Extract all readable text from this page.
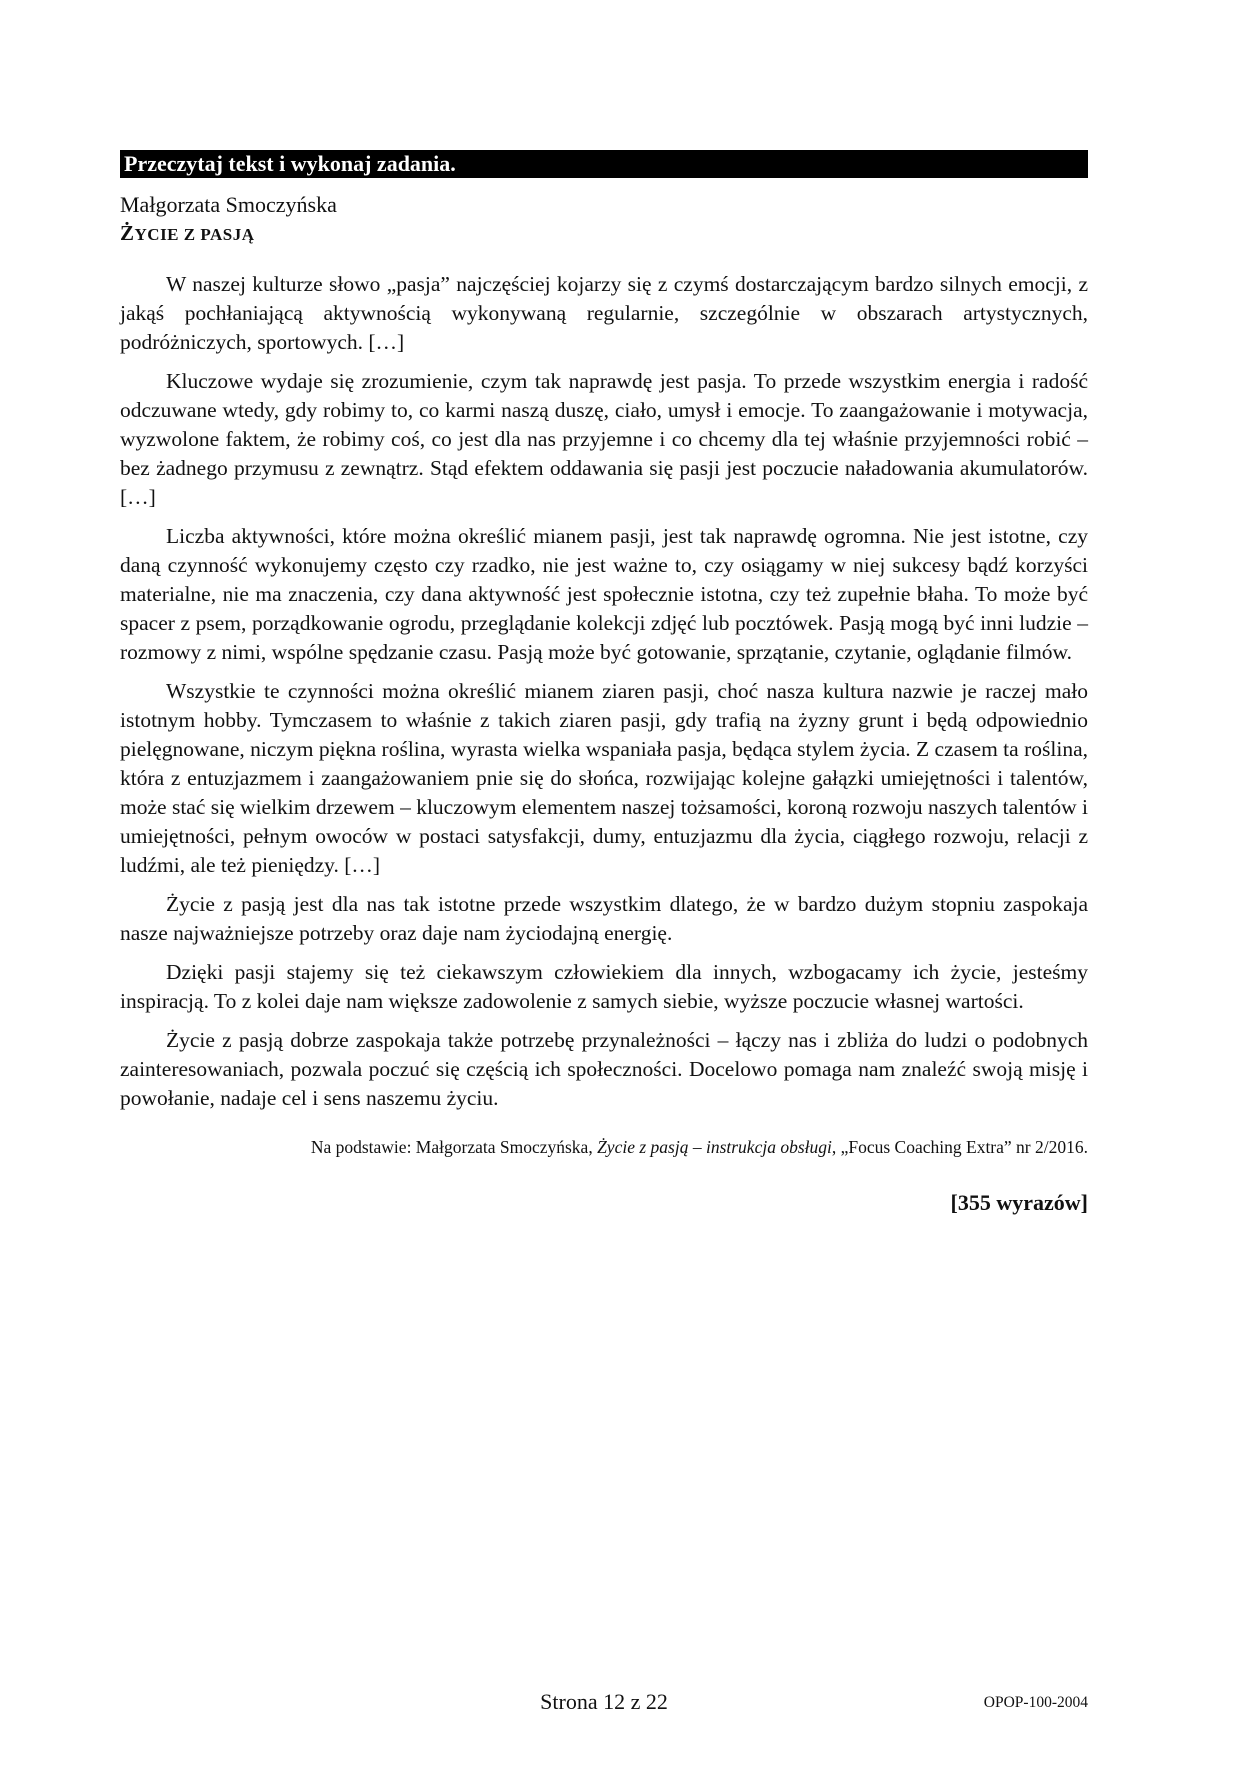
Przeczytaj tekst i wykonaj zadania.
Małgorzata Smoczyńska
ŻYCIE Z PASJĄ

W naszej kulturze słowo „pasja” najczęściej kojarzy się z czymś dostarczającym bardzo silnych emocji, z jakąś pochłaniającą aktywnością wykonywaną regularnie, szczególnie w obszarach artystycznych, podróżniczych, sportowych. […]

Kluczowe wydaje się zrozumienie, czym tak naprawdę jest pasja. To przede wszystkim energia i radość odczuwane wtedy, gdy robimy to, co karmi naszą duszę, ciało, umysł i emocje. To zaangażowanie i motywacja, wyzwolone faktem, że robimy coś, co jest dla nas przyjemne i co chcemy dla tej właśnie przyjemności robić – bez żadnego przymusu z zewnątrz. Stąd efektem oddawania się pasji jest poczucie naładowania akumulatorów. […]

Liczba aktywności, które można określić mianem pasji, jest tak naprawdę ogromna. Nie jest istotne, czy daną czynność wykonujemy często czy rzadko, nie jest ważne to, czy osiągamy w niej sukcesy bądź korzyści materialne, nie ma znaczenia, czy dana aktywność jest społecznie istotna, czy też zupełnie błaha. To może być spacer z psem, porządkowanie ogrodu, przeglądanie kolekcji zdjęć lub pocztówek. Pasją mogą być inni ludzie – rozmowy z nimi, wspólne spędzanie czasu. Pasją może być gotowanie, sprzątanie, czytanie, oglądanie filmów.

Wszystkie te czynności można określić mianem ziaren pasji, choć nasza kultura nazwie je raczej mało istotnym hobby. Tymczasem to właśnie z takich ziaren pasji, gdy trafią na żyzny grunt i będą odpowiednio pielęgnowane, niczym piękna roślina, wyrasta wielka wspaniała pasja, będąca stylem życia. Z czasem ta roślina, która z entuzjazmem i zaangażowaniem pnie się do słońca, rozwijając kolejne gałązki umiejętności i talentów, może stać się wielkim drzewem – kluczowym elementem naszej tożsamości, koroną rozwoju naszych talentów i umiejętności, pełnym owoców w postaci satysfakcji, dumy, entuzjazmu dla życia, ciągłego rozwoju, relacji z ludźmi, ale też pieniędzy. […]

Życie z pasją jest dla nas tak istotne przede wszystkim dlatego, że w bardzo dużym stopniu zaspokaja nasze najważniejsze potrzeby oraz daje nam życiodajną energię.

Dzięki pasji stajemy się też ciekawszym człowiekiem dla innych, wzbogacamy ich życie, jesteśmy inspiracją. To z kolei daje nam większe zadowolenie z samych siebie, wyższe poczucie własnej wartości.

Życie z pasją dobrze zaspokaja także potrzebę przynależności – łączy nas i zbliża do ludzi o podobnych zainteresowaniach, pozwala poczuć się częścią ich społeczności. Docelowo pomaga nam znaleźć swoją misję i powołanie, nadaje cel i sens naszemu życiu.

Na podstawie: Małgorzata Smoczyńska, Życie z pasją – instrukcja obsługi, „Focus Coaching Extra” nr 2/2016.
[355 wyrazów]
Strona 12 z 22	OPOP-100-2004
